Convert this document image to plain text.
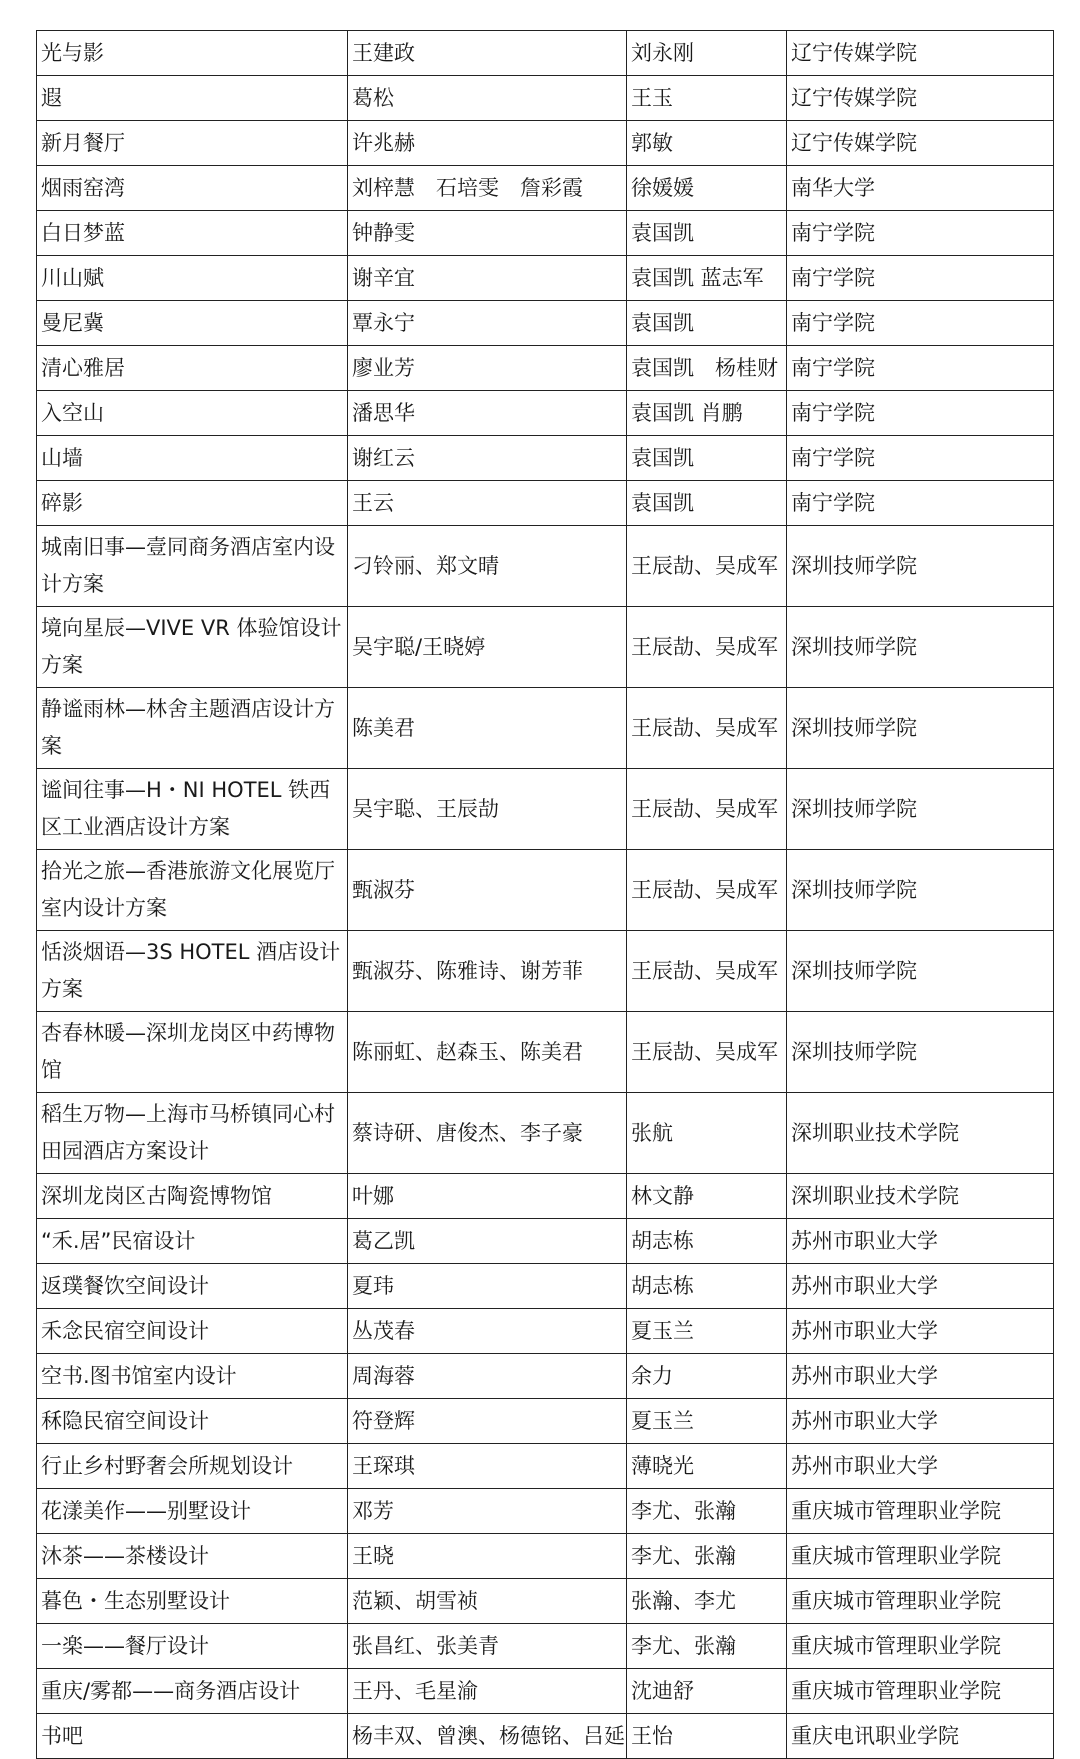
光与影	王建政	刘永刚	辽宁传媒学院
遐	葛松	王玉	辽宁传媒学院
新月餐厅	许兆赫	郭敏	辽宁传媒学院
烟雨窑湾	刘梓慧　石培雯　詹彩霞	徐媛媛	南华大学
白日梦蓝	钟静雯	袁国凯	南宁学院
川山赋	谢辛宜	袁国凯 蓝志军	南宁学院
曼尼冀	覃永宁	袁国凯	南宁学院
清心雅居	廖业芳	袁国凯　杨桂财	南宁学院
入空山	潘思华	袁国凯 肖鹏	南宁学院
山墙	谢红云	袁国凯	南宁学院
碎影	王云	袁国凯	南宁学院
城南旧事—壹同商务酒店室内设计方案	刁铃丽、郑文晴	王辰劼、吴成军	深圳技师学院
境向星辰—VIVE VR 体验馆设计方案	吴宇聪/王晓婷	王辰劼、吴成军	深圳技师学院
静谧雨林—林舍主题酒店设计方案	陈美君	王辰劼、吴成军	深圳技师学院
谧间往事—H・NI HOTEL 铁西区工业酒店设计方案	吴宇聪、王辰劼	王辰劼、吴成军	深圳技师学院
拾光之旅—香港旅游文化展览厅室内设计方案	甄淑芬	王辰劼、吴成军	深圳技师学院
恬淡烟语—3S HOTEL 酒店设计方案	甄淑芬、陈雅诗、谢芳菲	王辰劼、吴成军	深圳技师学院
杏春林暖—深圳龙岗区中药博物馆	陈丽虹、赵森玉、陈美君	王辰劼、吴成军	深圳技师学院
稻生万物—上海市马桥镇同心村田园酒店方案设计	蔡诗研、唐俊杰、李子豪	张航	深圳职业技术学院
深圳龙岗区古陶瓷博物馆	叶娜	林文静	深圳职业技术学院
“禾.居”民宿设计	葛乙凯	胡志栋	苏州市职业大学
返璞餐饮空间设计	夏玮	胡志栋	苏州市职业大学
禾念民宿空间设计	丛茂春	夏玉兰	苏州市职业大学
空书.图书馆室内设计	周海蓉	余力	苏州市职业大学
秝隐民宿空间设计	符登辉	夏玉兰	苏州市职业大学
行止乡村野奢会所规划设计	王琛琪	薄晓光	苏州市职业大学
花漾美作——别墅设计	邓芳	李尤、张瀚	重庆城市管理职业学院
沐茶——茶楼设计	王晓	李尤、张瀚	重庆城市管理职业学院
暮色・生态别墅设计	范颖、胡雪祯	张瀚、李尤	重庆城市管理职业学院
一楽——餐厅设计	张昌红、张美青	李尤、张瀚	重庆城市管理职业学院
重庆/雾都——商务酒店设计	王丹、毛星渝	沈迪舒	重庆城市管理职业学院
书吧	杨丰双、曾澳、杨德铭、吕延	王怡	重庆电讯职业学院
